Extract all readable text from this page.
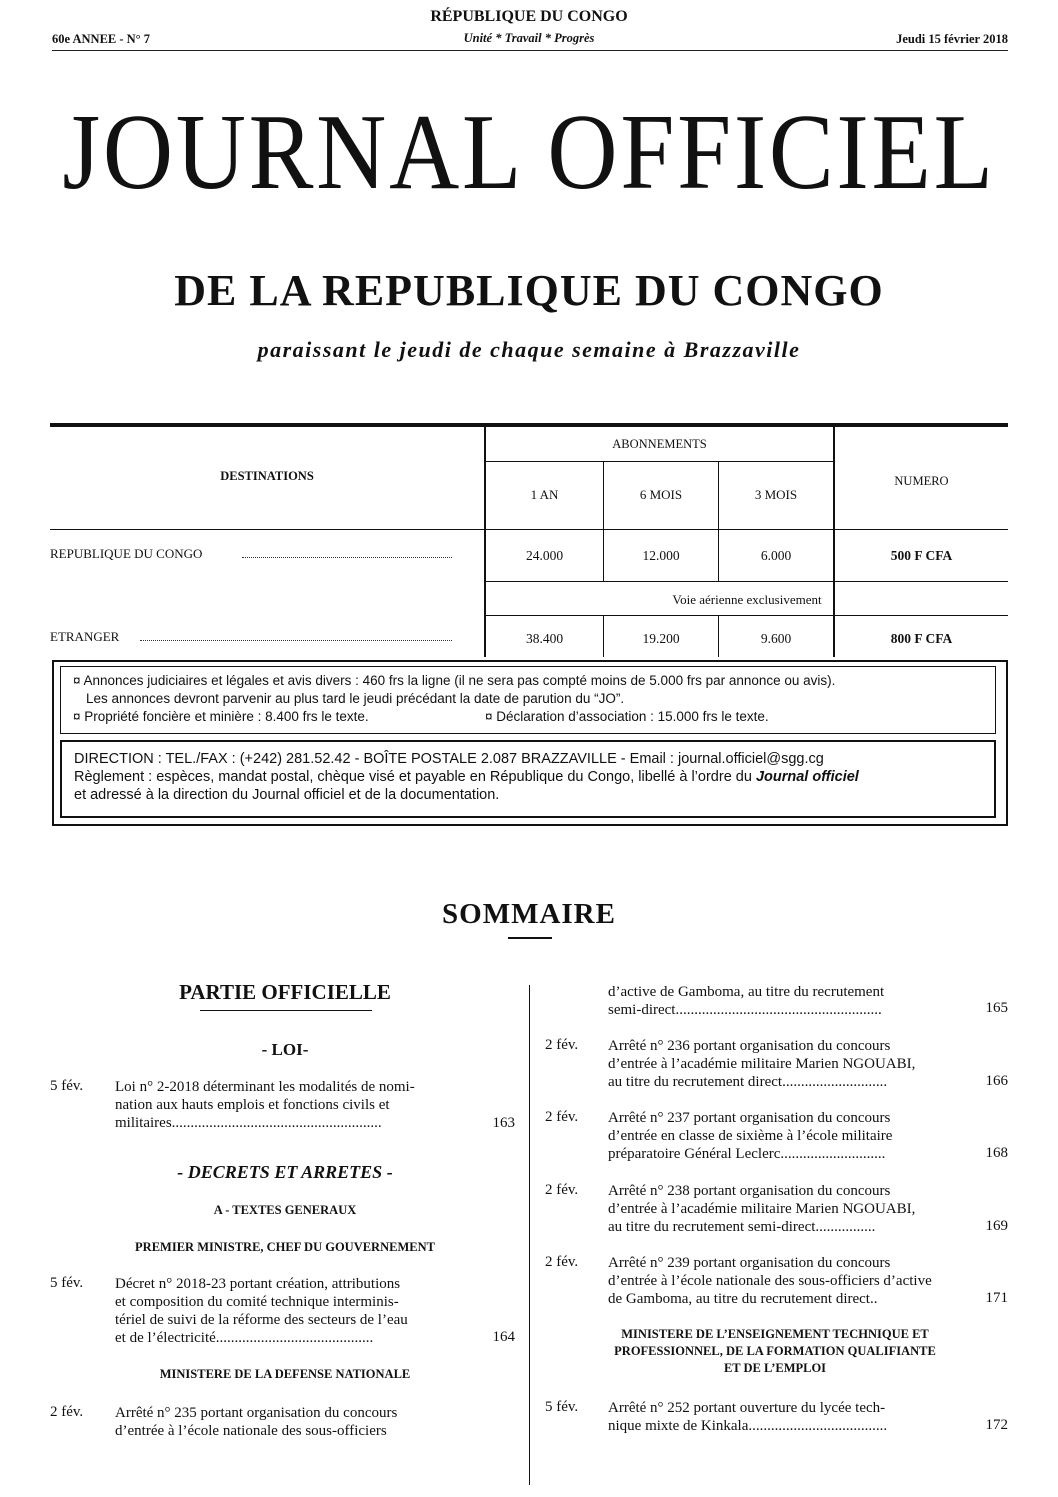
RÉPUBLIQUE DU CONGO
Unité * Travail * Progrès
60e ANNEE - N° 7	Jeudi 15 février 2018
JOURNAL OFFICIEL
DE LA REPUBLIQUE DU CONGO
paraissant le jeudi de chaque semaine à Brazzaville
DESTINATIONS
ABONNEMENTS
NUMERO
1 AN	6 MOIS	3 MOIS
REPUBLIQUE DU CONGO	24.000	12.000	6.000	500 F CFA
Voie aérienne exclusivement
ETRANGER	38.400	19.200	9.600	800 F CFA
¤ Annonces judiciaires et légales et avis divers : 460 frs la ligne (il ne sera pas compté moins de 5.000 frs par annonce ou avis).
Les annonces devront parvenir au plus tard le jeudi précédant la date de parution du “JO”.
¤ Propriété foncière et minière : 8.400 frs le texte.	¤ Déclaration d’association : 15.000 frs le texte.
DIRECTION : TEL./FAX : (+242) 281.52.42 - BOÎTE POSTALE 2.087 BRAZZAVILLE - Email : journal.officiel@sgg.cg
Règlement : espèces, mandat postal, chèque visé et payable en République du Congo, libellé à l’ordre du Journal officiel
et adressé à la direction du Journal officiel et de la documentation.
SOMMAIRE
PARTIE OFFICIELLE
- LOI-
5 fév. Loi n° 2-2018 déterminant les modalités de nomi-
nation aux hauts emplois et fonctions civils et
militaires........................................................	163
- DECRETS ET ARRETES -
A - TEXTES GENERAUX
PREMIER MINISTRE, CHEF DU GOUVERNEMENT
5 fév. Décret n° 2018-23 portant création, attributions
et composition du comité technique interminis-
tériel de suivi de la réforme des secteurs de l’eau
et de l’électricité..........................................	164
MINISTERE DE LA DEFENSE NATIONALE
2 fév. Arrêté n° 235 portant organisation du concours
d’entrée à l’école nationale des sous-officiers
d’active de Gamboma, au titre du recrutement
semi-direct.......................................................	165
2 fév. Arrêté n° 236 portant organisation du concours
d’entrée à l’académie militaire Marien NGOUABI,
au titre du recrutement direct............................	166
2 fév. Arrêté n° 237 portant organisation du concours
d’entrée en classe de sixième à l’école militaire
préparatoire Général Leclerc............................	168
2 fév. Arrêté n° 238 portant organisation du concours
d’entrée à l’académie militaire Marien NGOUABI,
au titre du recrutement semi-direct................	169
2 fév. Arrêté n° 239 portant organisation du concours
d’entrée à l’école nationale des sous-officiers d’active
de Gamboma, au titre du recrutement direct..	171
MINISTERE DE L’ENSEIGNEMENT TECHNIQUE ET
PROFESSIONNEL, DE LA FORMATION QUALIFIANTE
ET DE L’EMPLOI
5 fév. Arrêté n° 252 portant ouverture du lycée tech-
nique mixte de Kinkala.....................................	172
